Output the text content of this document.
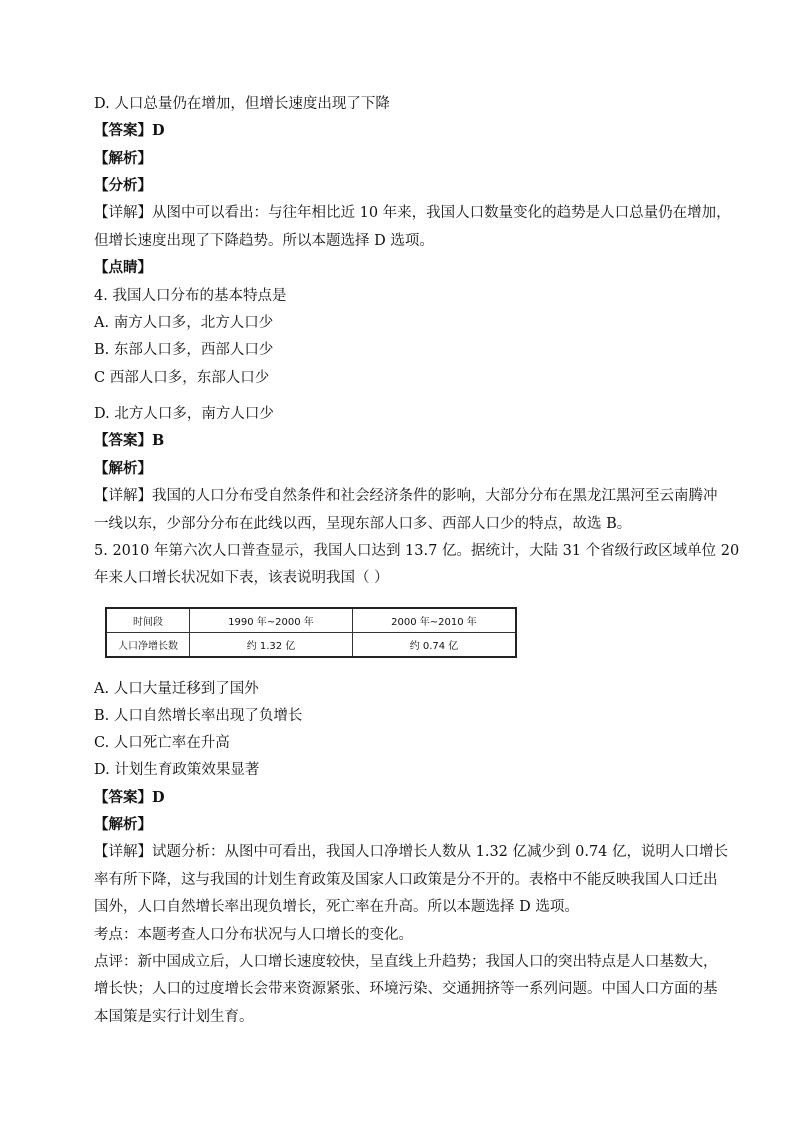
D. 人口总量仍在增加，但增长速度出现了下降
【答案】D
【解析】
【分析】
【详解】从图中可以看出：与往年相比近 10 年来，我国人口数量变化的趋势是人口总量仍在增加，
但增长速度出现了下降趋势。所以本题选择 D 选项。
【点睛】
4. 我国人口分布的基本特点是
A. 南方人口多，北方人口少
B. 东部人口多，西部人口少
C 西部人口多，东部人口少
D. 北方人口多，南方人口少
【答案】B
【解析】
【详解】我国的人口分布受自然条件和社会经济条件的影响，大部分分布在黑龙江黑河至云南腾冲
一线以东，少部分分布在此线以西，呈现东部人口多、西部人口少的特点，故选 B。
5. 2010 年第六次人口普查显示，我国人口达到 13.7 亿。据统计，大陆 31 个省级行政区域单位 20
年来人口增长状况如下表，该表说明我国（ ）
时间段	1990 年~2000 年	2000 年~2010 年
人口净增长数	约 1.32 亿	约 0.74 亿
A. 人口大量迁移到了国外
B. 人口自然增长率出现了负增长
C. 人口死亡率在升高
D. 计划生育政策效果显著
【答案】D
【解析】
【详解】试题分析：从图中可看出，我国人口净增长人数从 1.32 亿减少到 0.74 亿，说明人口增长
率有所下降，这与我国的计划生育政策及国家人口政策是分不开的。表格中不能反映我国人口迁出
国外，人口自然增长率出现负增长，死亡率在升高。所以本题选择 D 选项。
考点：本题考查人口分布状况与人口增长的变化。
点评：新中国成立后，人口增长速度较快，呈直线上升趋势；我国人口的突出特点是人口基数大，
增长快；人口的过度增长会带来资源紧张、环境污染、交通拥挤等一系列问题。中国人口方面的基
本国策是实行计划生育。
